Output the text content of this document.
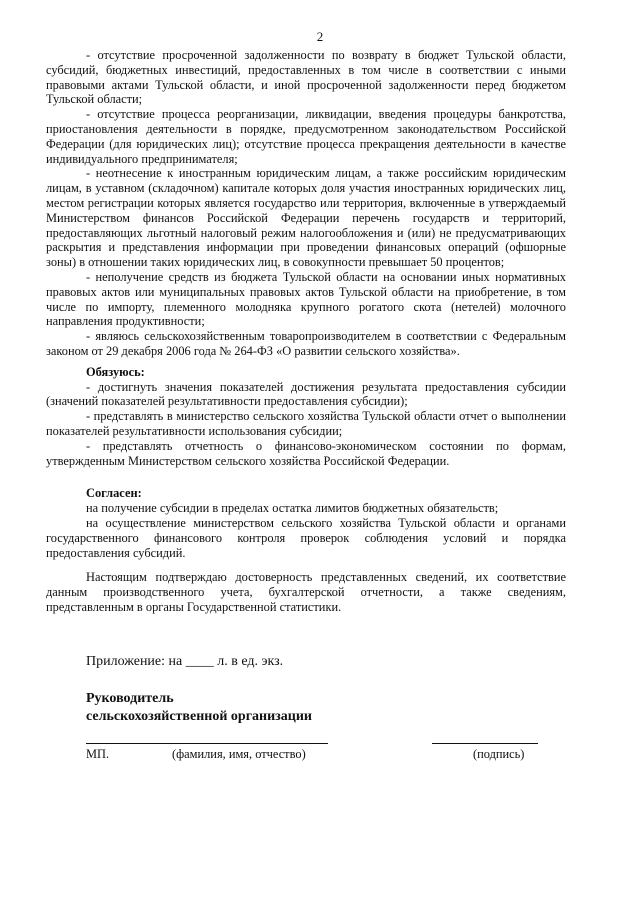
2

- отсутствие просроченной задолженности по возврату в бюджет Тульской области, субсидий, бюджетных инвестиций, предоставленных в том числе в соответствии с иными правовыми актами Тульской области, и иной просроченной задолженности перед бюджетом Тульской области;

- отсутствие процесса реорганизации, ликвидации, введения процедуры банкротства, приостановления деятельности в порядке, предусмотренном законодательством Российской Федерации (для юридических лиц); отсутствие процесса прекращения деятельности в качестве индивидуального предпринимателя;

- неотнесение к иностранным юридическим лицам, а также российским юридическим лицам, в уставном (складочном) капитале которых доля участия иностранных юридических лиц, местом регистрации которых является государство или территория, включенные в утверждаемый Министерством финансов Российской Федерации перечень государств и территорий, предоставляющих льготный налоговый режим налогообложения и (или) не предусматривающих раскрытия и представления информации при проведении финансовых операций (офшорные зоны) в отношении таких юридических лиц, в совокупности превышает 50 процентов;

- неполучение средств из бюджета Тульской области на основании иных нормативных правовых актов или муниципальных правовых актов Тульской области на приобретение, в том числе по импорту, племенного молодняка крупного рогатого скота (нетелей) молочного направления продуктивности;

- являюсь сельскохозяйственным товаропроизводителем в соответствии с Федеральным законом от 29 декабря 2006 года № 264-ФЗ «О развитии сельского хозяйства».

Обязуюсь:

- достигнуть значения показателей достижения результата предоставления субсидии (значений показателей результативности предоставления субсидии);

- представлять в министерство сельского хозяйства Тульской области отчет о выполнении показателей результативности использования субсидии;

- представлять отчетность о финансово-экономическом состоянии по формам, утвержденным Министерством сельского хозяйства Российской Федерации.

Согласен:

на получение субсидии в пределах остатка лимитов бюджетных обязательств;

на осуществление министерством сельского хозяйства Тульской области и органами государственного финансового контроля проверок соблюдения условий и порядка предоставления субсидий.

Настоящим подтверждаю достоверность представленных сведений, их соответствие данным производственного учета, бухгалтерской отчетности, а также сведениям, представленным в органы Государственной статистики.

Приложение: на ____ л. в ед. экз.
Руководитель
сельскохозяйственной организации
МП.	(фамилия, имя, отчество)	(подпись)
